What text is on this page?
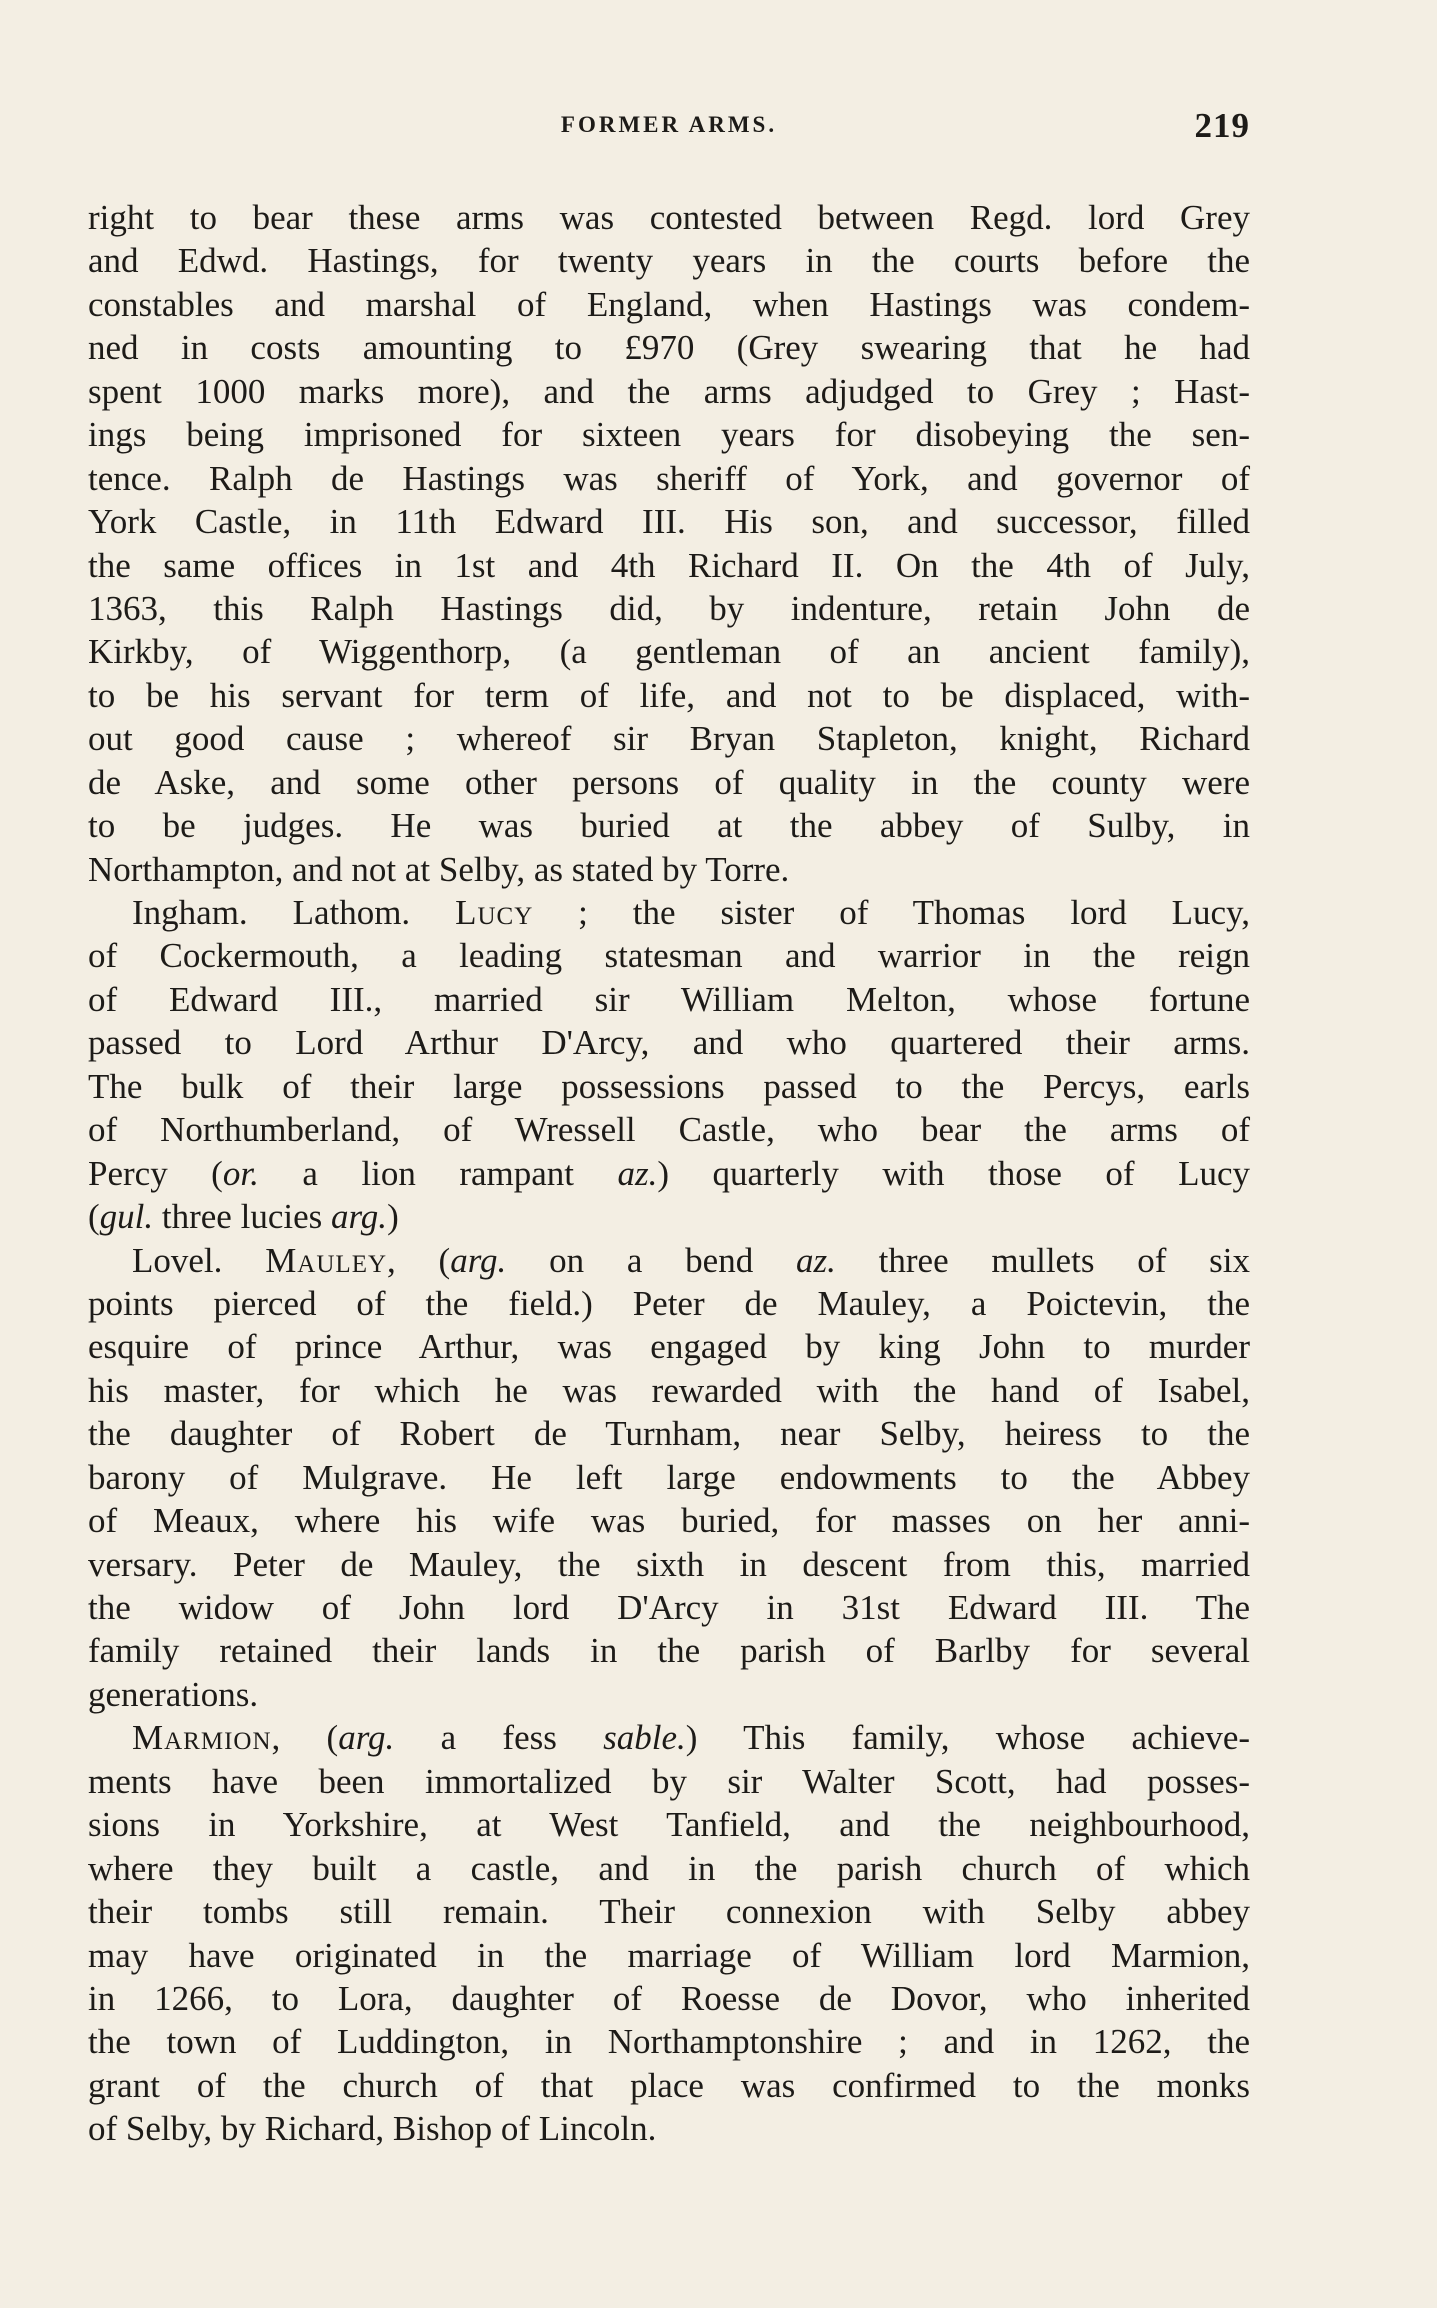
FORMER ARMS.	219
right to bear these arms was contested between Regd. lord Grey
and Edwd. Hastings, for twenty years in the courts before the
constables and marshal of England, when Hastings was condem-
ned in costs amounting to £970 (Grey swearing that he had
spent 1000 marks more), and the arms adjudged to Grey ; Hast-
ings being imprisoned for sixteen years for disobeying the sen-
tence. Ralph de Hastings was sheriff of York, and governor of
York Castle, in 11th Edward III. His son, and successor, filled
the same offices in 1st and 4th Richard II. On the 4th of July,
1363, this Ralph Hastings did, by indenture, retain John de
Kirkby, of Wiggenthorp, (a gentleman of an ancient family),
to be his servant for term of life, and not to be displaced, with-
out good cause ; whereof sir Bryan Stapleton, knight, Richard
de Aske, and some other persons of quality in the county were
to be judges. He was buried at the abbey of Sulby, in
Northampton, and not at Selby, as stated by Torre.
Ingham. Lathom. Lucy ; the sister of Thomas lord Lucy,
of Cockermouth, a leading statesman and warrior in the reign
of Edward III., married sir William Melton, whose fortune
passed to Lord Arthur D'Arcy, and who quartered their arms.
The bulk of their large possessions passed to the Percys, earls
of Northumberland, of Wressell Castle, who bear the arms of
Percy (or. a lion rampant az.) quarterly with those of Lucy
(gul. three lucies arg.)
Lovel. Mauley, (arg. on a bend az. three mullets of six
points pierced of the field.) Peter de Mauley, a Poictevin, the
esquire of prince Arthur, was engaged by king John to murder
his master, for which he was rewarded with the hand of Isabel,
the daughter of Robert de Turnham, near Selby, heiress to the
barony of Mulgrave. He left large endowments to the Abbey
of Meaux, where his wife was buried, for masses on her anni-
versary. Peter de Mauley, the sixth in descent from this, married
the widow of John lord D'Arcy in 31st Edward III. The
family retained their lands in the parish of Barlby for several
generations.
Marmion, (arg. a fess sable.) This family, whose achieve-
ments have been immortalized by sir Walter Scott, had posses-
sions in Yorkshire, at West Tanfield, and the neighbourhood,
where they built a castle, and in the parish church of which
their tombs still remain. Their connexion with Selby abbey
may have originated in the marriage of William lord Marmion,
in 1266, to Lora, daughter of Roesse de Dovor, who inherited
the town of Luddington, in Northamptonshire ; and in 1262, the
grant of the church of that place was confirmed to the monks
of Selby, by Richard, Bishop of Lincoln.
